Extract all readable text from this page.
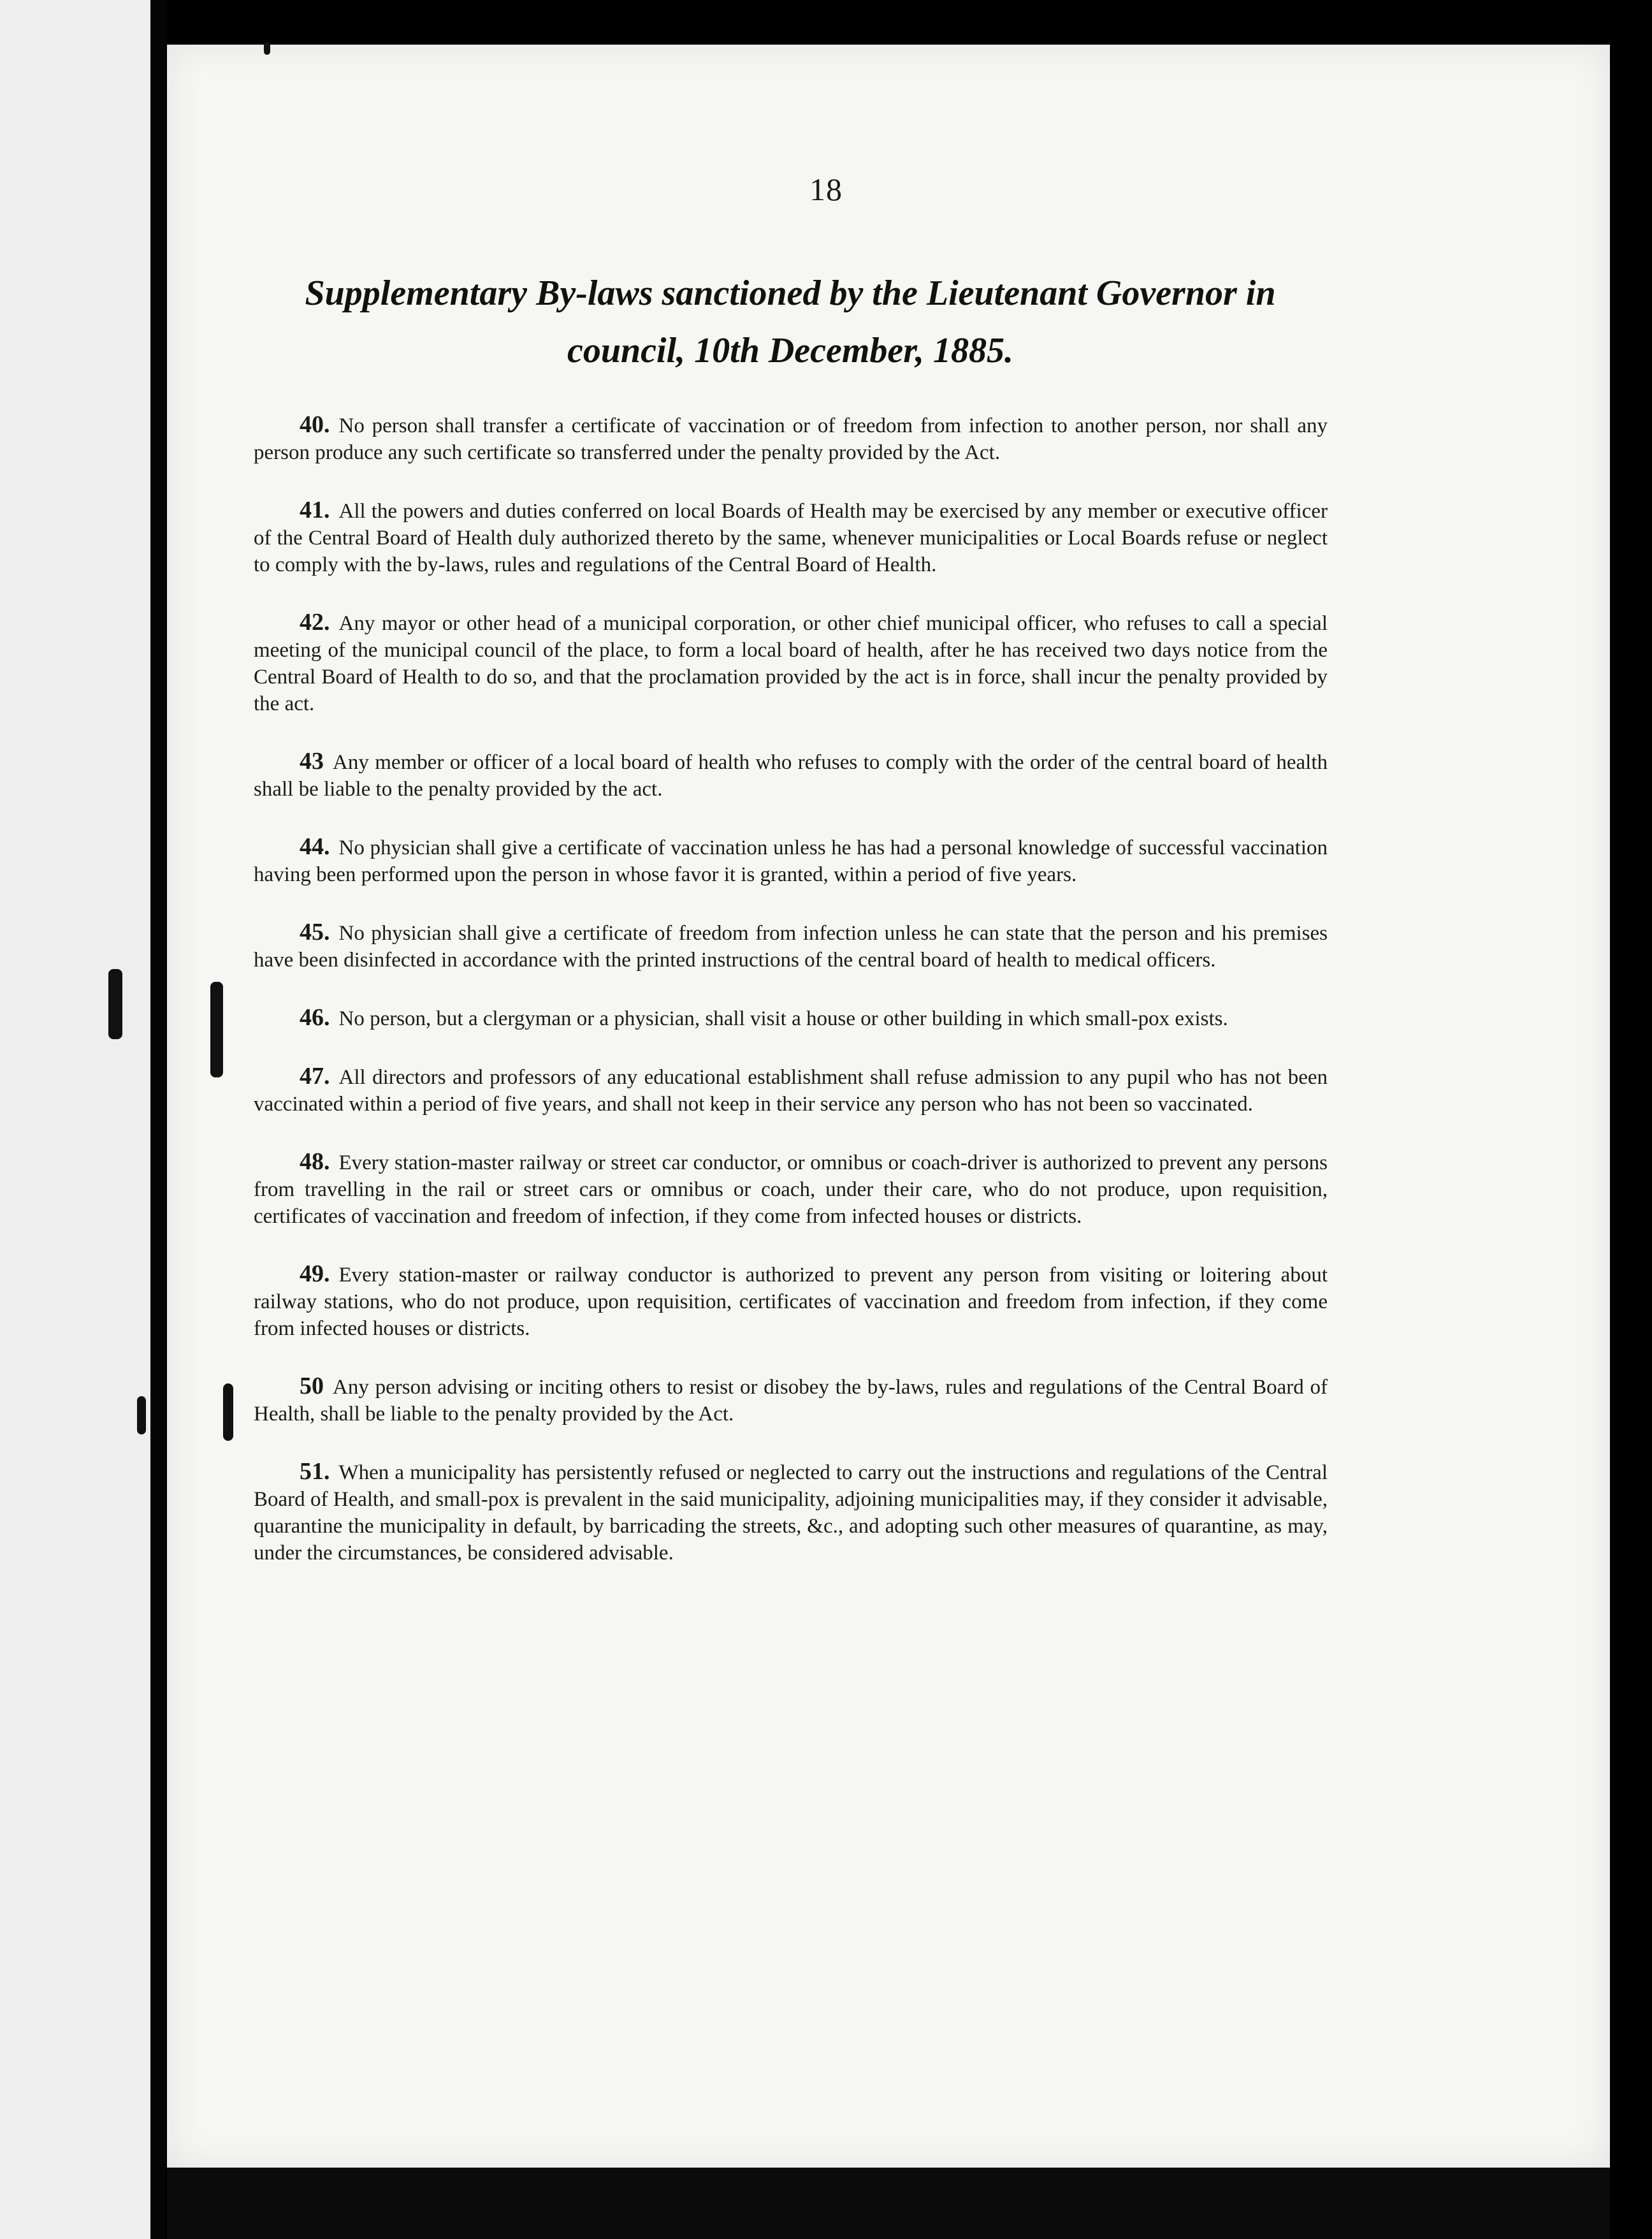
18
Supplementary By-laws sanctioned by the Lieutenant Governor in council, 10th December, 1885.

40. No person shall transfer a certificate of vaccination or of freedom from infection to another person, nor shall any person produce any such certificate so transferred under the penalty provided by the Act.

41. All the powers and duties conferred on local Boards of Health may be exercised by any member or executive officer of the Central Board of Health duly authorized thereto by the same, whenever municipalities or Local Boards refuse or neglect to comply with the by-laws, rules and regulations of the Central Board of Health.

42. Any mayor or other head of a municipal corporation, or other chief municipal officer, who refuses to call a special meeting of the municipal council of the place, to form a local board of health, after he has received two days notice from the Central Board of Health to do so, and that the proclamation provided by the act is in force, shall incur the penalty provided by the act.

43 Any member or officer of a local board of health who refuses to comply with the order of the central board of health shall be liable to the penalty provided by the act.

44. No physician shall give a certificate of vaccination unless he has had a personal knowledge of successful vaccination having been performed upon the person in whose favor it is granted, within a period of five years.

45. No physician shall give a certificate of freedom from infection unless he can state that the person and his premises have been disinfected in accordance with the printed instructions of the central board of health to medical officers.

46. No person, but a clergyman or a physician, shall visit a house or other building in which small-pox exists.

47. All directors and professors of any educational establishment shall refuse admission to any pupil who has not been vaccinated within a period of five years, and shall not keep in their service any person who has not been so vaccinated.

48. Every station-master railway or street car conductor, or omnibus or coach-driver is authorized to prevent any persons from travelling in the rail or street cars or omnibus or coach, under their care, who do not produce, upon requisition, certificates of vaccination and freedom of infection, if they come from infected houses or districts.

49. Every station-master or railway conductor is authorized to prevent any person from visiting or loitering about railway stations, who do not produce, upon requisition, certificates of vaccination and freedom from infection, if they come from infected houses or districts.

50 Any person advising or inciting others to resist or disobey the by-laws, rules and regulations of the Central Board of Health, shall be liable to the penalty provided by the Act.

51. When a municipality has persistently refused or neglected to carry out the instructions and regulations of the Central Board of Health, and small-pox is prevalent in the said municipality, adjoining municipalities may, if they consider it advisable, quarantine the municipality in default, by barricading the streets, &c., and adopting such other measures of quarantine, as may, under the circumstances, be considered advisable.
